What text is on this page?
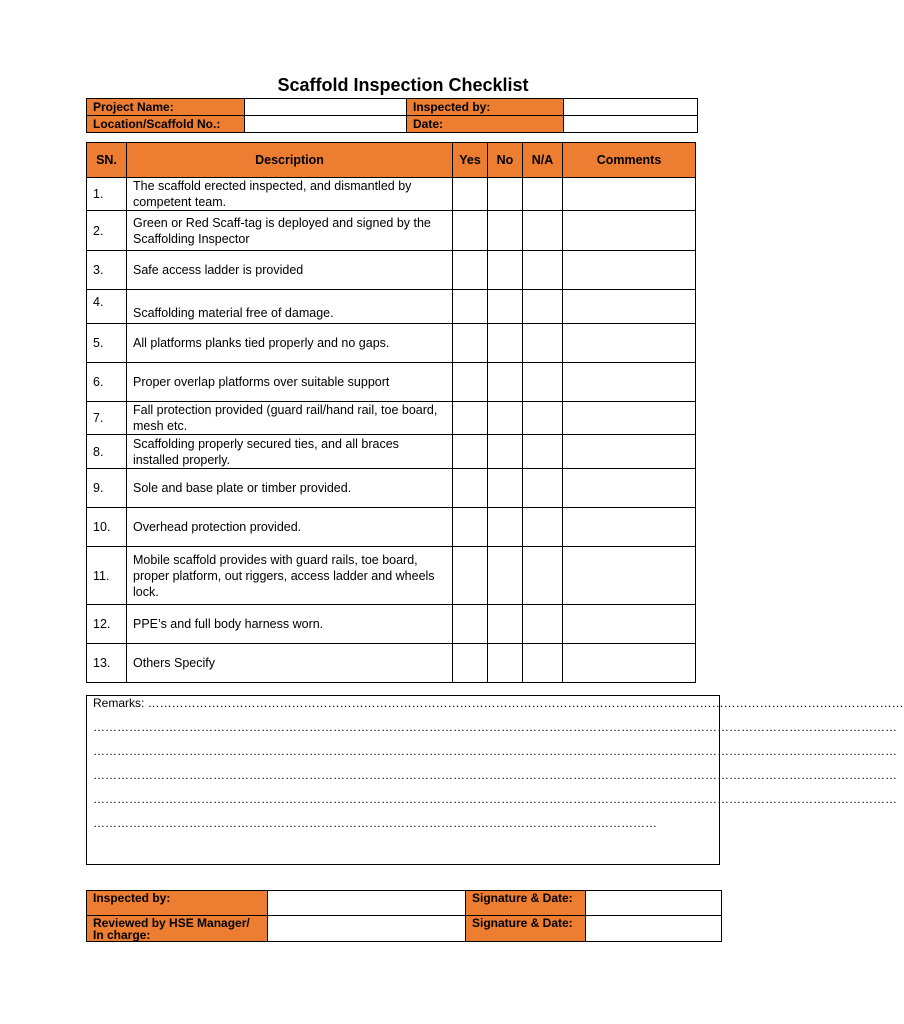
Scaffold Inspection Checklist
Project Name:		Inspected by:	
Location/Scaffold No.:		Date:	
SN.	Description	Yes	No	N/A	Comments
1.	The scaffold erected inspected, and dismantled by competent team.				
2.	Green or Red Scaff-tag is deployed and signed by the Scaffolding Inspector				
3.	Safe access ladder is provided				
4.	Scaffolding material free of damage.				
5.	All platforms planks tied properly and no gaps.				
6.	Proper overlap platforms over suitable support				
7.	Fall protection provided (guard rail/hand rail, toe board, mesh etc.				
8.	Scaffolding properly secured ties, and all braces installed properly.				
9.	Sole and base plate or timber provided.				
10.	Overhead protection provided.				
11.	Mobile scaffold provides with guard rails, toe board, proper platform, out riggers, access ladder and wheels lock.				
12.	PPE’s and full body harness worn.				
13.	Others Specify				
Remarks: ………………………………………………………………………………………………………………………………………………………………………
…………………………………………………………………………………………………………………………………………………………………………………
…………………………………………………………………………………………………………………………………………………………………………………
…………………………………………………………………………………………………………………………………………………………………………………
…………………………………………………………………………………………………………………………………………………………………………………
……………………………………………………………………………………………………………………………
Inspected by:		Signature & Date:	
Reviewed by HSE Manager/ In charge:		Signature & Date:	
